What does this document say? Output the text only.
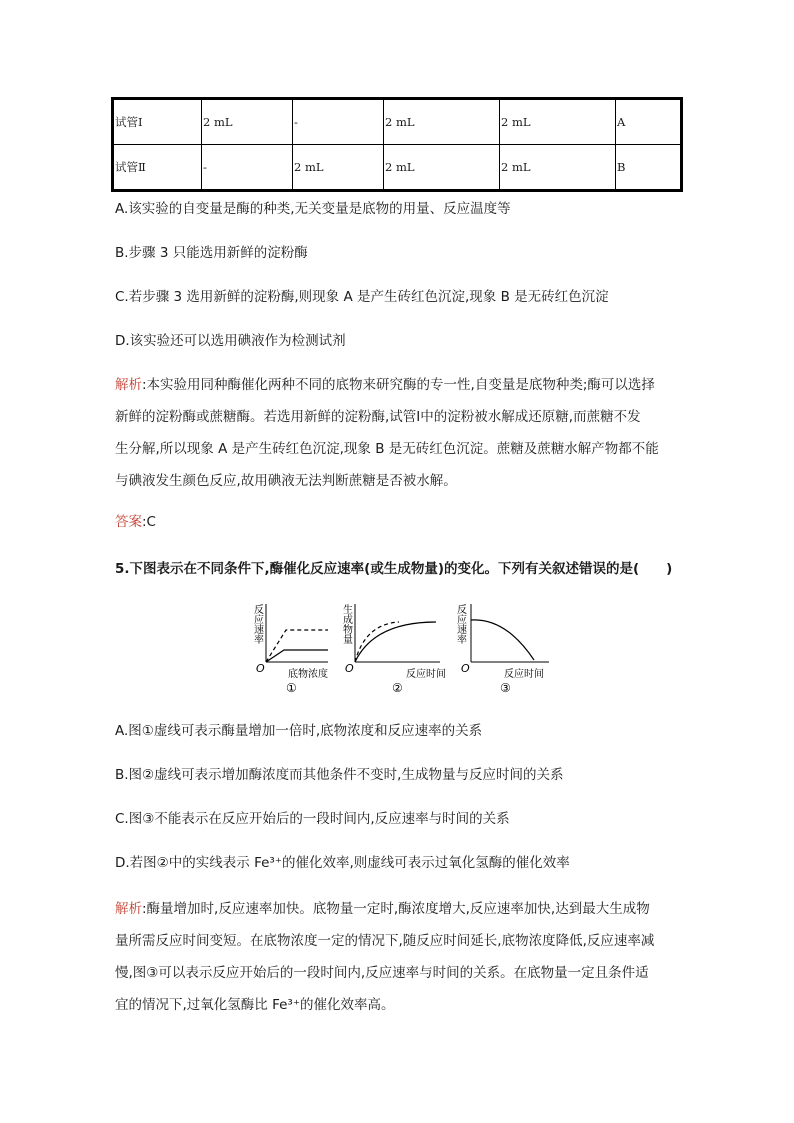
试管Ⅰ	2 mL	-	2 mL	2 mL	A
试管Ⅱ	-	2 mL	2 mL	2 mL	B
A.该实验的自变量是酶的种类,无关变量是底物的用量、反应温度等
B.步骤 3 只能选用新鲜的淀粉酶
C.若步骤 3 选用新鲜的淀粉酶,则现象 A 是产生砖红色沉淀,现象 B 是无砖红色沉淀
D.该实验还可以选用碘液作为检测试剂
解析:本实验用同种酶催化两种不同的底物来研究酶的专一性,自变量是底物种类;酶可以选择
新鲜的淀粉酶或蔗糖酶。若选用新鲜的淀粉酶,试管Ⅰ中的淀粉被水解成还原糖,而蔗糖不发
生分解,所以现象 A 是产生砖红色沉淀,现象 B 是无砖红色沉淀。蔗糖及蔗糖水解产物都不能
与碘液发生颜色反应,故用碘液无法判断蔗糖是否被水解。
答案:C
5.下图表示在不同条件下,酶催化反应速率(或生成物量)的变化。下列有关叙述错误的是(　　)
反应速率
O 底物浓度
①
生成物量
O	反应时间
②
反应速率
O	反应时间
③
A.图①虚线可表示酶量增加一倍时,底物浓度和反应速率的关系
B.图②虚线可表示增加酶浓度而其他条件不变时,生成物量与反应时间的关系
C.图③不能表示在反应开始后的一段时间内,反应速率与时间的关系
D.若图②中的实线表示 Fe³⁺的催化效率,则虚线可表示过氧化氢酶的催化效率
解析:酶量增加时,反应速率加快。底物量一定时,酶浓度增大,反应速率加快,达到最大生成物
量所需反应时间变短。在底物浓度一定的情况下,随反应时间延长,底物浓度降低,反应速率减
慢,图③可以表示反应开始后的一段时间内,反应速率与时间的关系。在底物量一定且条件适
宜的情况下,过氧化氢酶比 Fe³⁺的催化效率高。
